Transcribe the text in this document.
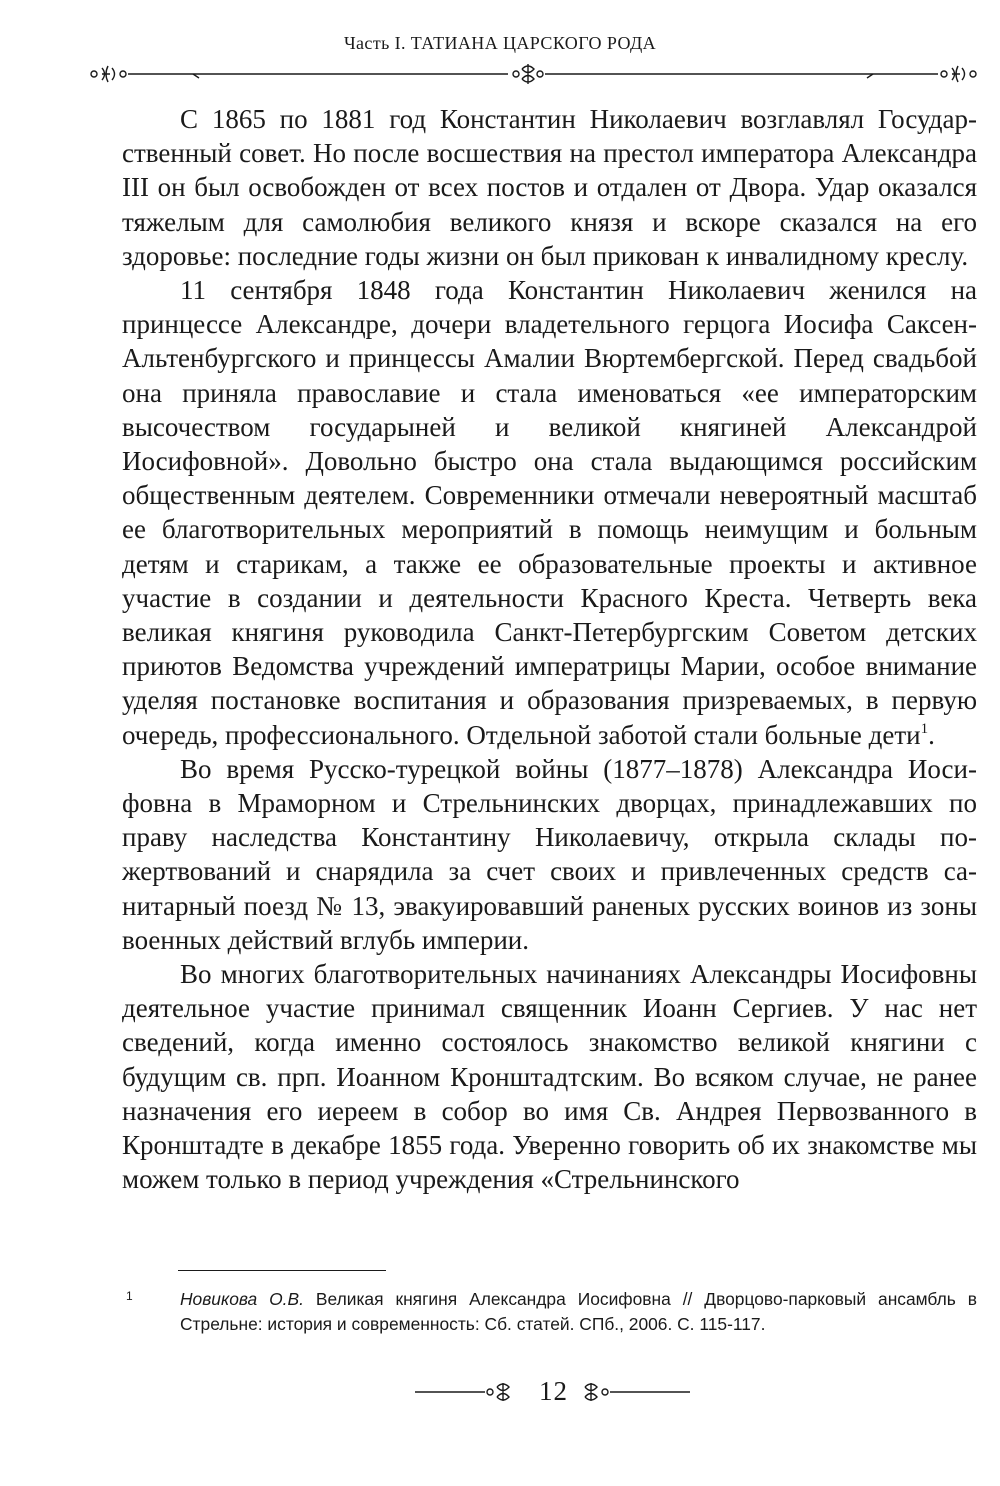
Часть I. ТАТИАНА ЦАРСКОГО РОДА

С 1865 по 1881 год Константин Николаевич возглавлял Государственный совет. Но после восшествия на престол императора Александра III он был освобожден от всех постов и отдален от Двора. Удар оказался тяжелым для самолюбия великого князя и вскоре сказался на его здоровье: последние годы жизни он был прикован к инвалидному креслу.

11 сентября 1848 года Константин Николаевич женился на принцессе Александре, дочери владетельного герцога Иосифа Саксен-Альтенбургского и принцессы Амалии Вюртембергской. Перед свадьбой она приняла православие и стала именоваться «ее императорским высочеством государыней и великой княгиней Александрой Иосифовной». Довольно быстро она стала выдающимся российским общественным деятелем. Современники отмечали невероятный масштаб ее благотворительных мероприятий в помощь неимущим и больным детям и старикам, а также ее образовательные проекты и активное участие в создании и деятельности Красного Креста. Четверть века великая княгиня руководила Санкт-Петербургским Советом детских приютов Ведомства учреждений императрицы Марии, особое внимание уделяя постановке воспитания и образования призреваемых, в первую очередь, профессионального. Отдельной заботой стали больные дети$^1$.

Во время Русско-турецкой войны (1877–1878) Александра Иосифовна в Мраморном и Стрельнинских дворцах, принадлежавших по праву наследства Константину Николаевичу, открыла склады пожертвований и снарядила за счет своих и привлеченных средств санитарный поезд № 13, эвакуировавший раненых русских воинов из зоны военных действий вглубь империи.

Во многих благотворительных начинаниях Александры Иосифовны деятельное участие принимал священник Иоанн Сергиев. У нас нет сведений, когда именно состоялось знакомство великой княгини с будущим св. прп. Иоанном Кронштадтским. Во всяком случае, не ранее назначения его иереем в собор во имя Св. Андрея Первозванного в Кронштадте в декабре 1855 года. Уверенно говорить об их знакомстве мы можем только в период учреждения «Стрельнинского

1	Новикова О.В. Великая княгиня Александра Иосифовна // Дворцово-парковый ансамбль в Стрельне: история и современность: Сб. статей. СПб., 2006. С. 115-117.
12
